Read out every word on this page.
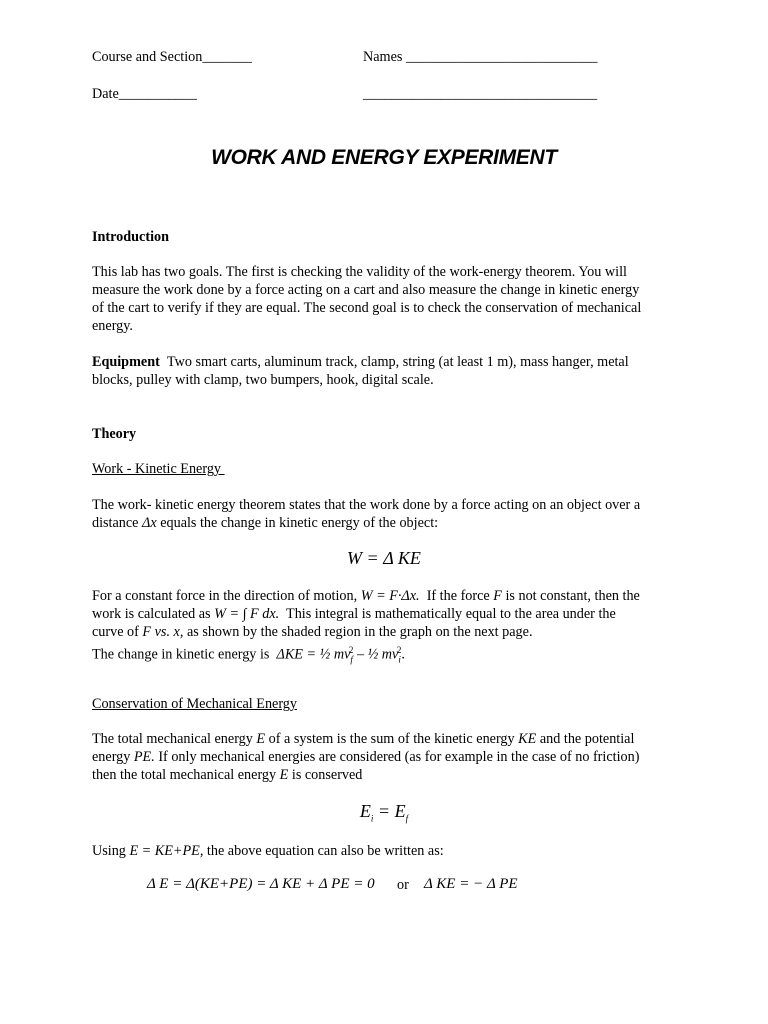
Course and Section_______	Names ___________________________
Date___________	_________________________________
WORK AND ENERGY EXPERIMENT
Introduction
This lab has two goals. The first is checking the validity of the work-energy theorem. You will
measure the work done by a force acting on a cart and also measure the change in kinetic energy
of the cart to verify if they are equal. The second goal is to check the conservation of mechanical
energy.
Equipment Two smart carts, aluminum track, clamp, string (at least 1 m), mass hanger, metal
blocks, pulley with clamp, two bumpers, hook, digital scale.
Theory
Work - Kinetic Energy
The work- kinetic energy theorem states that the work done by a force acting on an object over a
distance Δx equals the change in kinetic energy of the object:
W = Δ KE
For a constant force in the direction of motion, W = F·Δx.  If the force F is not constant, then the
work is calculated as W = ∫ F dx.  This integral is mathematically equal to the area under the
curve of F vs. x, as shown by the shaded region in the graph on the next page.
The change in kinetic energy is  ΔKE = ½ $mv_f^2$ – ½ $mv_i^2$.
Conservation of Mechanical Energy
The total mechanical energy E of a system is the sum of the kinetic energy KE and the potential
energy PE. If only mechanical energies are considered (as for example in the case of no friction)
then the total mechanical energy E is conserved
$E_i = E_f$
Using E = KE+PE, the above equation can also be written as:
Δ E = Δ(KE+PE) = Δ KE + Δ PE = 0 or Δ KE = − Δ PE
